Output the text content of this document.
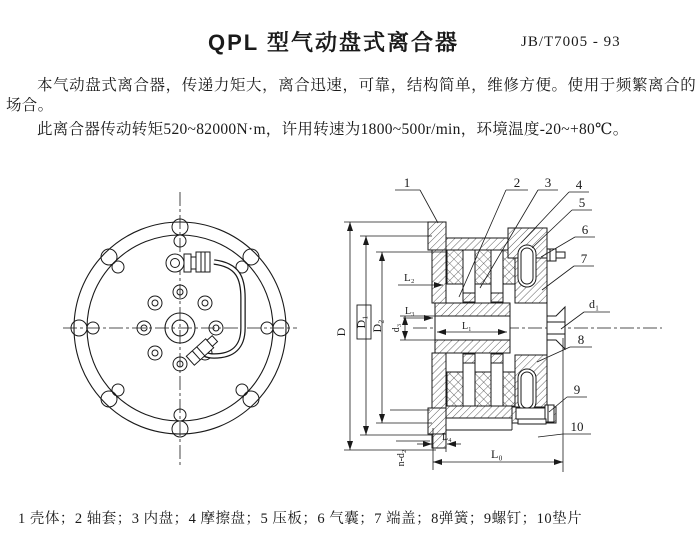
QPL 型气动盘式离合器	JB/T7005 - 93

本气动盘式离合器，传递力矩大，离合迅速，可靠，结构简单，维修方便。使用于频繁离合的场合。

此离合器传动转矩520~82000N·m，许用转速为1800~500r/min，环境温度-20~+80℃。

D
D₁ D₂ d₃
L₂
L₃
L₁
L₄
L₀
n-d₂
d₁
1	2 3 4
5
6
7
8
9
10

1 壳体；2 轴套；3 内盘；4 摩擦盘；5 压板；6 气囊；7 端盖；8弹簧；9螺钉；10垫片
